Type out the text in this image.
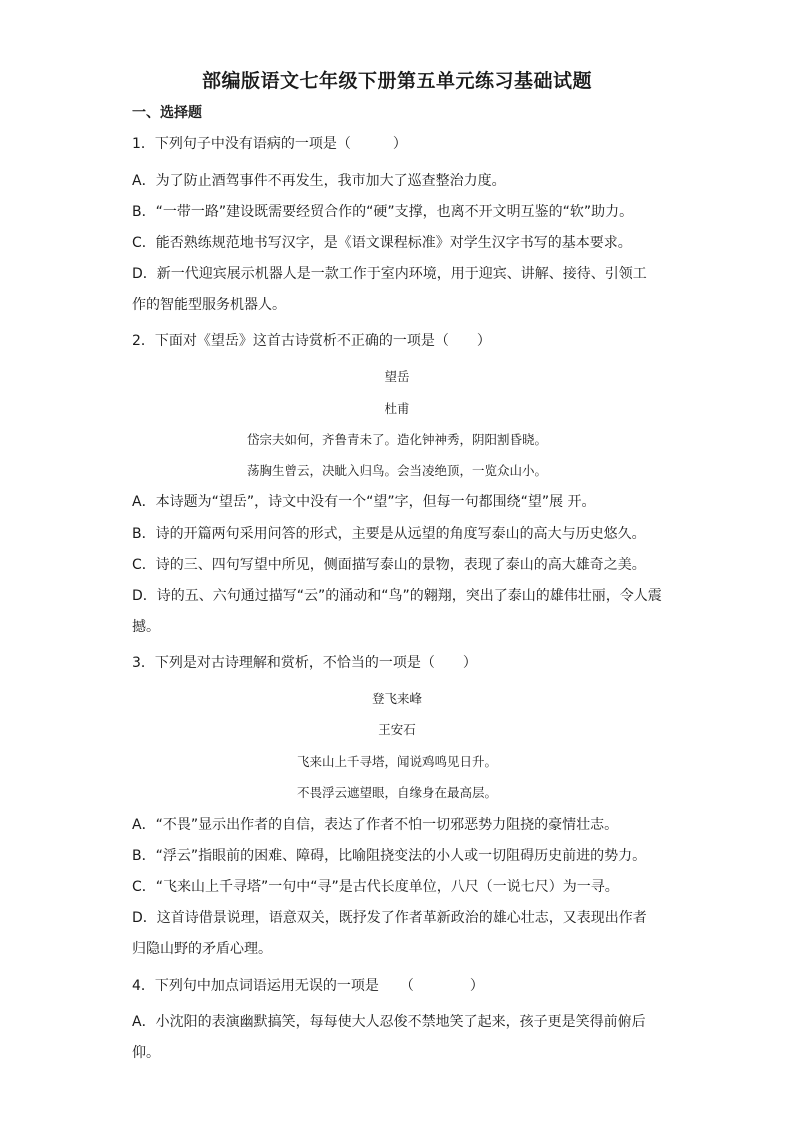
部编版语文七年级下册第五单元练习基础试题
一、选择题
1．下列句子中没有语病的一项是（　　　）
A．为了防止酒驾事件不再发生，我市加大了巡查整治力度。
B．“一带一路”建设既需要经贸合作的“硬”支撑，也离不开文明互鉴的“软”助力。
C．能否熟练规范地书写汉字，是《语文课程标准》对学生汉字书写的基本要求。
D．新一代迎宾展示机器人是一款工作于室内环境，用于迎宾、讲解、接待、引领工
作的智能型服务机器人。
2．下面对《望岳》这首古诗赏析不正确的一项是（　　）
望岳
杜甫
岱宗夫如何，齐鲁青未了。造化钟神秀，阴阳割昏晓。
荡胸生曾云，决眦入归鸟。会当凌绝顶，一览众山小。
A．本诗题为“望岳”，诗文中没有一个“望”字，但每一句都围绕“望”展 开。
B．诗的开篇两句采用问答的形式，主要是从远望的角度写泰山的高大与历史悠久。
C．诗的三、四句写望中所见，侧面描写泰山的景物，表现了泰山的高大雄奇之美。
D．诗的五、六句通过描写“云”的涌动和“鸟”的翱翔，突出了泰山的雄伟壮丽，令人震
撼。
3．下列是对古诗理解和赏析，不恰当的一项是（　　）
登飞来峰
王安石
飞来山上千寻塔，闻说鸡鸣见日升。
不畏浮云遮望眼，自缘身在最高层。
A．“不畏”显示出作者的自信，表达了作者不怕一切邪恶势力阻挠的豪情壮志。
B．“浮云”指眼前的困难、障碍，比喻阻挠变法的小人或一切阻碍历史前进的势力。
C．“飞来山上千寻塔”一句中“寻”是古代长度单位，八尺（一说七尺）为一寻。
D．这首诗借景说理，语意双关，既抒发了作者革新政治的雄心壮志，又表现出作者
归隐山野的矛盾心理。
4．下列句中加点词语运用无误的一项是　　（　　　　）
A．小沈阳的表演幽默搞笑，每每使大人忍俊不禁地笑了起来，孩子更是笑得前俯后
仰。
